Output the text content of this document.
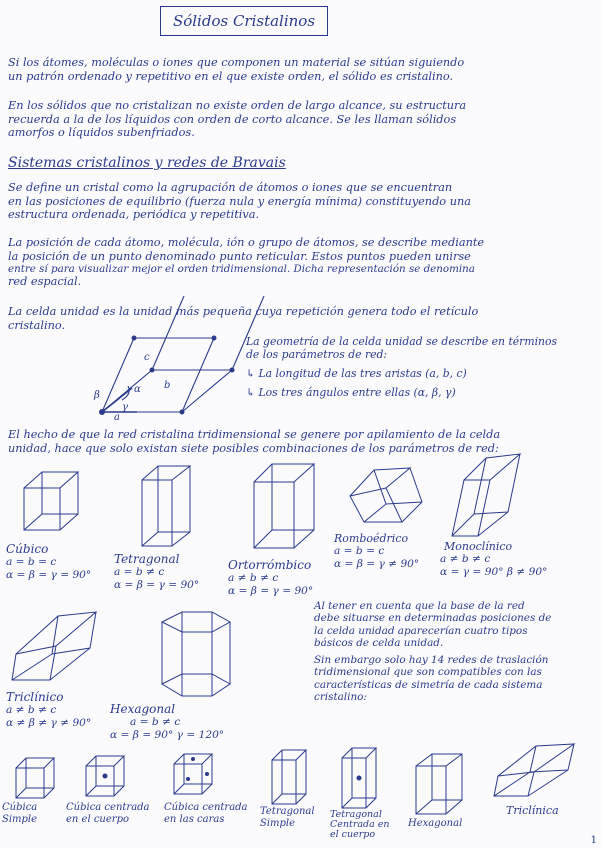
Sólidos Cristalinos
Si los átomes, moléculas o iones que componen un material se sitúan siguiendo
un patrón ordenado y repetitivo en el que existe orden, el sólido es cristalino.
En los sólidos que no cristalizan no existe orden de largo alcance, su estructura
recuerda a la de los líquidos con orden de corto alcance. Se les llaman sólidos
amorfos o líquidos subenfriados.
Sistemas cristalinos y redes de Bravais
Se define un cristal como la agrupación de átomos o iones que se encuentran
en las posiciones de equilibrio (fuerza nula y energía mínima) constituyendo una
estructura ordenada, periódica y repetitiva.
La posición de cada átomo, molécula, ión o grupo de átomos, se describe mediante
la posición de un punto denominado punto reticular. Estos puntos pueden unirse
entre sí para visualizar mejor el orden tridimensional. Dicha representación se denomina
red espacial.
La celda unidad es la unidad más pequeña cuya repetición genera todo el retículo
cristalino.
c
b
a
α
β
γ
La geometría de la celda unidad se describe en términos
de los parámetros de red:
↳ La longitud de las tres aristas (a, b, c)
↳ Los tres ángulos entre ellas (α, β, γ)
El hecho de que la red cristalina tridimensional se genere por apilamiento de la celda
unidad, hace que solo existan siete posibles combinaciones de los parámetros de red:
Cúbico
a = b = c
α = β = γ = 90°
Tetragonal
a = b ≠ c
α = β = γ = 90°
Ortorrómbico
a ≠ b ≠ c
α = β = γ = 90°
Romboédrico
a = b = c
α = β = γ ≠ 90°
Monoclínico
a ≠ b ≠ c
α = γ = 90° β ≠ 90°
Triclínico
a ≠ b ≠ c
α ≠ β ≠ γ ≠ 90°
Hexagonal
a = b ≠ c
α = β = 90° γ = 120°
Al tener en cuenta que la base de la red
debe situarse en determinadas posiciones de
la celda unidad aparecerían cuatro tipos
básicos de celda unidad.
Sin embargo solo hay 14 redes de traslación
tridimensional que son compatibles con las
características de simetría de cada sistema
cristalino:
Cúbica
Simple
Cúbica centrada
en el cuerpo
Cúbica centrada
en las caras
Tetragonal
Simple
Tetragonal
Centrada en
el cuerpo
Hexagonal
Triclínica
1
